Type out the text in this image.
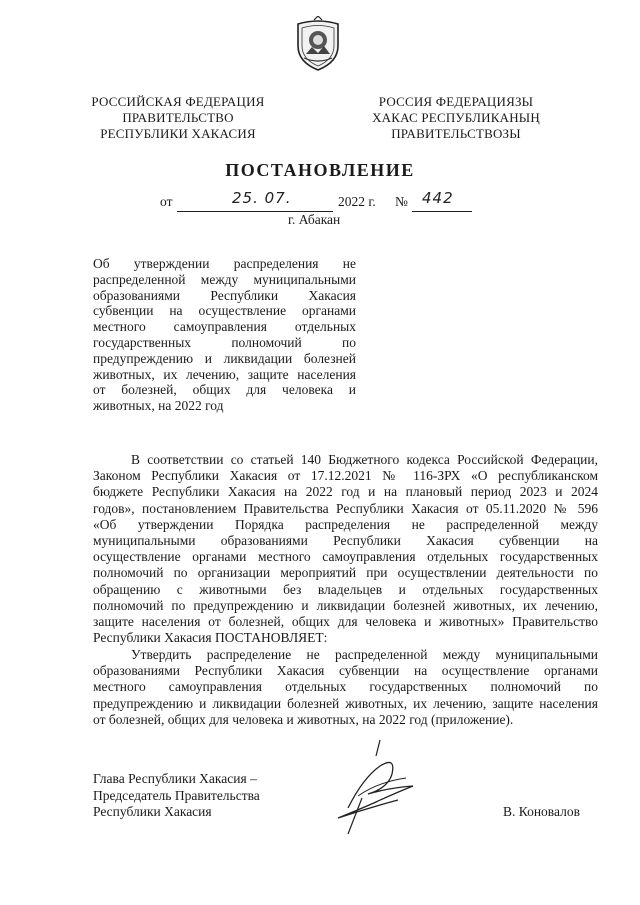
РОССИЙСКАЯ ФЕДЕРАЦИЯ
ПРАВИТЕЛЬСТВО
РЕСПУБЛИКИ ХАКАСИЯ
РОССИЯ ФЕДЕРАЦИЯЗЫ
ХАКАС РЕСПУБЛИКАНЫҢ
ПРАВИТЕЛЬСТВОЗЫ
ПОСТАНОВЛЕНИЕ
от	25. 07.	2022 г. № 442
г. Абакан
Об утверждении распределения не
распределенной между муниципальными
образованиями Республики Хакасия
субвенции на осуществление органами
местного самоуправления отдельных
государственных полномочий по
предупреждению и ликвидации болезней
животных, их лечению, защите населения
от болезней, общих для человека и
животных, на 2022 год
В соответствии со статьей 140 Бюджетного кодекса Российской Федерации,
Законом Республики Хакасия от 17.12.2021 № 116-ЗРХ «О республиканском
бюджете Республики Хакасия на 2022 год и на плановый период 2023 и 2024
годов», постановлением Правительства Республики Хакасия от 05.11.2020 № 596
«Об утверждении Порядка распределения не распределенной между
муниципальными образованиями Республики Хакасия субвенции на
осуществление органами местного самоуправления отдельных государственных
полномочий по организации мероприятий при осуществлении деятельности по
обращению с животными без владельцев и отдельных государственных
полномочий по предупреждению и ликвидации болезней животных, их лечению,
защите населения от болезней, общих для человека и животных» Правительство
Республики Хакасия ПОСТАНОВЛЯЕТ:
Утвердить распределение не распределенной между муниципальными
образованиями Республики Хакасия субвенции на осуществление органами
местного самоуправления отдельных государственных полномочий по
предупреждению и ликвидации болезней животных, их лечению, защите населения
от болезней, общих для человека и животных, на 2022 год (приложение).
Глава Республики Хакасия –
Председатель Правительства
Республики Хакасия	В. Коновалов
